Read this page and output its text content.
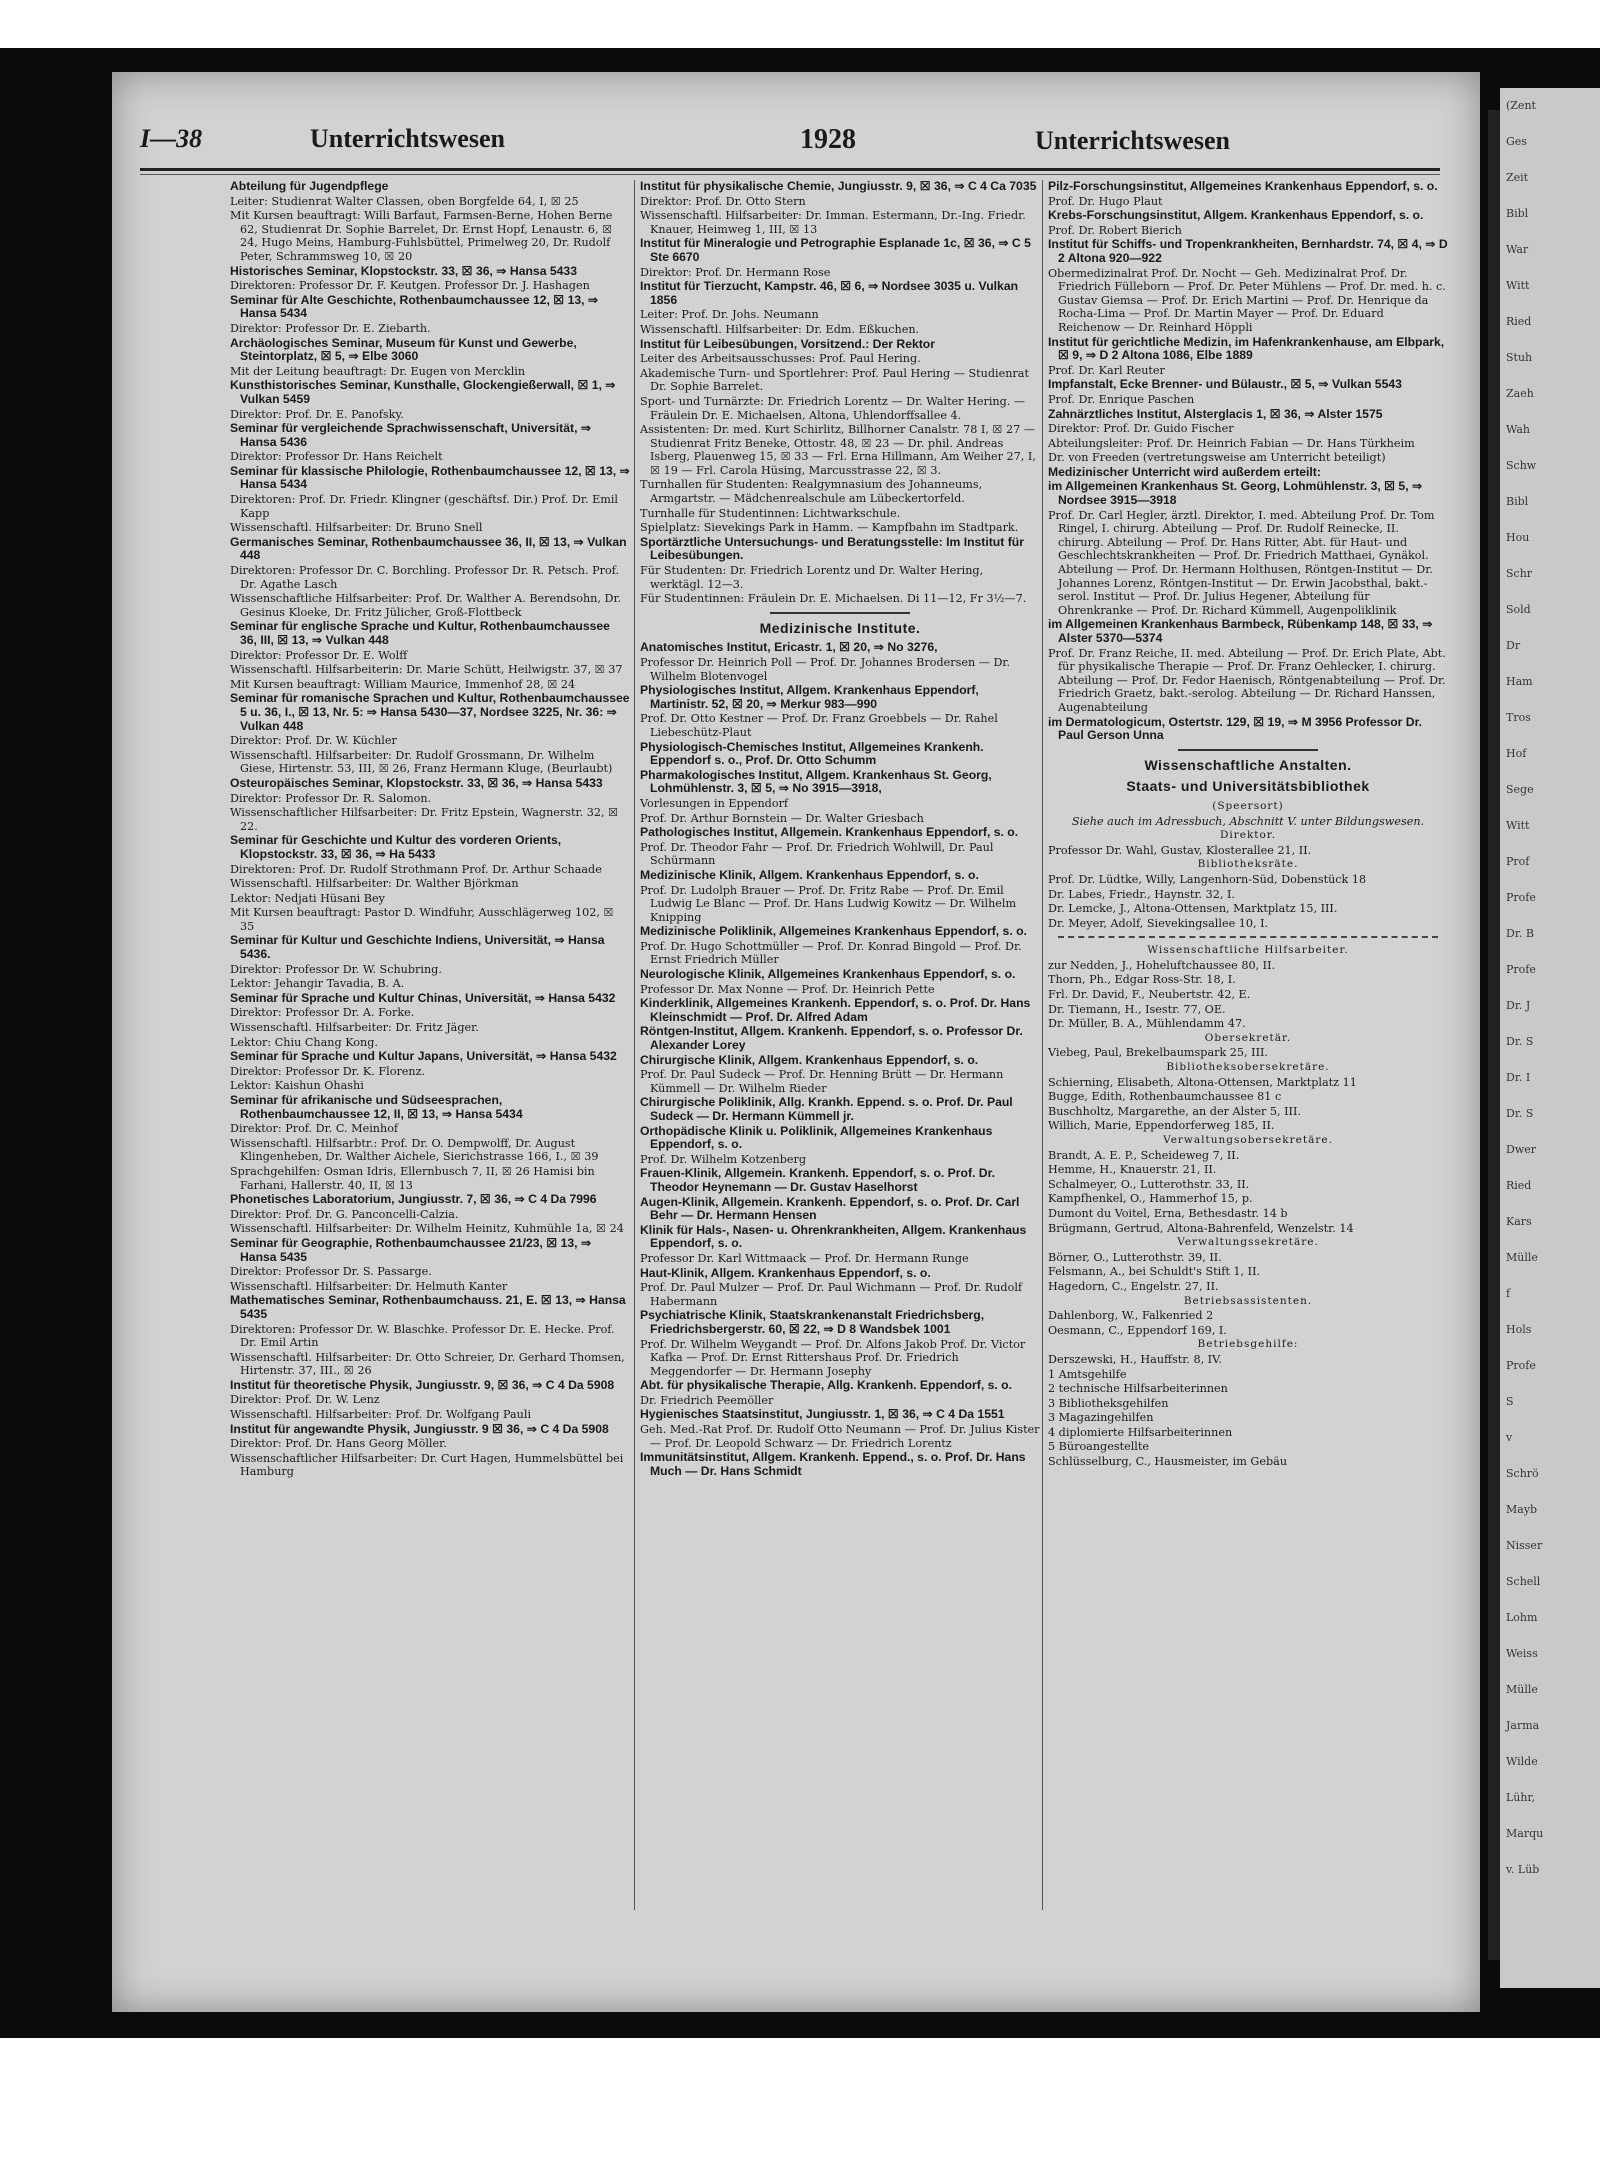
(Zent
Ges
Zeit
Bibl
War
Witt
Ried
Stuh
Zaeh
Wah
Schw
Bibl
Hou
Schr
Sold
Dr
Ham
Tros
Hof
Sege
Witt
Prof
Profe
Dr. B
Profe
Dr. J
Dr. S
Dr. I
Dr. S
Dwer
Ried
Kars
Mülle
f
Hols
Profe
S
v
Schrö
Mayb
Nisser
Schell
Lohm
Weiss
Mülle
Jarma
Wilde
Lühr,
Marqu
v. Lüb
I—38	Unterrichtswesen	1928	Unterrichtswesen

Abteilung für Jugendpflege

Leiter: Studienrat Walter Classen, oben Borgfelde 64, I, ☒ 25

Mit Kursen beauftragt: Willi Barfaut, Farmsen-Berne, Hohen Berne 62, Studienrat Dr. Sophie Barrelet, Dr. Ernst Hopf, Lenaustr. 6, ☒ 24, Hugo Meins, Hamburg-Fuhlsbüttel, Primelweg 20, Dr. Rudolf Peter, Schrammsweg 10, ☒ 20

Historisches Seminar, Klopstockstr. 33, ☒ 36, ⇒ Hansa 5433

Direktoren: Professor Dr. F. Keutgen. Professor Dr. J. Hashagen

Seminar für Alte Geschichte, Rothenbaumchaussee 12, ☒ 13, ⇒ Hansa 5434

Direktor: Professor Dr. E. Ziebarth.

Archäologisches Seminar, Museum für Kunst und Gewerbe, Steintorplatz, ☒ 5, ⇒ Elbe 3060

Mit der Leitung beauftragt: Dr. Eugen von Mercklin

Kunsthistorisches Seminar, Kunsthalle, Glockengießerwall, ☒ 1, ⇒ Vulkan 5459

Direktor: Prof. Dr. E. Panofsky.

Seminar für vergleichende Sprachwissenschaft, Universität, ⇒ Hansa 5436

Direktor: Professor Dr. Hans Reichelt

Seminar für klassische Philologie, Rothenbaumchaussee 12, ☒ 13, ⇒ Hansa 5434

Direktoren: Prof. Dr. Friedr. Klingner (geschäftsf. Dir.) Prof. Dr. Emil Kapp

Wissenschaftl. Hilfsarbeiter: Dr. Bruno Snell

Germanisches Seminar, Rothenbaumchaussee 36, II, ☒ 13, ⇒ Vulkan 448

Direktoren: Professor Dr. C. Borchling. Professor Dr. R. Petsch. Prof. Dr. Agathe Lasch

Wissenschaftliche Hilfsarbeiter: Prof. Dr. Walther A. Berendsohn, Dr. Gesinus Kloeke, Dr. Fritz Jülicher, Groß-Flottbeck

Seminar für englische Sprache und Kultur, Rothenbaumchaussee 36, III, ☒ 13, ⇒ Vulkan 448

Direktor: Professor Dr. E. Wolff

Wissenschaftl. Hilfsarbeiterin: Dr. Marie Schütt, Heilwigstr. 37, ☒ 37

Mit Kursen beauftragt: William Maurice, Immenhof 28, ☒ 24

Seminar für romanische Sprachen und Kultur, Rothenbaumchaussee 5 u. 36, I., ☒ 13, Nr. 5: ⇒ Hansa 5430—37, Nordsee 3225, Nr. 36: ⇒ Vulkan 448

Direktor: Prof. Dr. W. Küchler

Wissenschaftl. Hilfsarbeiter: Dr. Rudolf Grossmann, Dr. Wilhelm Giese, Hirtenstr. 53, III, ☒ 26, Franz Hermann Kluge, (Beurlaubt)

Osteuropäisches Seminar, Klopstockstr. 33, ☒ 36, ⇒ Hansa 5433

Direktor: Professor Dr. R. Salomon.

Wissenschaftlicher Hilfsarbeiter: Dr. Fritz Epstein, Wagnerstr. 32, ☒ 22.

Seminar für Geschichte und Kultur des vorderen Orients, Klopstockstr. 33, ☒ 36, ⇒ Ha 5433

Direktoren: Prof. Dr. Rudolf Strothmann Prof. Dr. Arthur Schaade

Wissenschaftl. Hilfsarbeiter: Dr. Walther Björkman

Lektor: Nedjati Hüsani Bey

Mit Kursen beauftragt: Pastor D. Windfuhr, Ausschlägerweg 102, ☒ 35

Seminar für Kultur und Geschichte Indiens, Universität, ⇒ Hansa 5436.

Direktor: Professor Dr. W. Schubring.

Lektor: Jehangir Tavadia, B. A.

Seminar für Sprache und Kultur Chinas, Universität, ⇒ Hansa 5432

Direktor: Professor Dr. A. Forke.

Wissenschaftl. Hilfsarbeiter: Dr. Fritz Jäger.

Lektor: Chiu Chang Kong.

Seminar für Sprache und Kultur Japans, Universität, ⇒ Hansa 5432

Direktor: Professor Dr. K. Florenz.

Lektor: Kaishun Ohashi

Seminar für afrikanische und Südseesprachen, Rothenbaumchaussee 12, II, ☒ 13, ⇒ Hansa 5434

Direktor: Prof. Dr. C. Meinhof

Wissenschaftl. Hilfsarbtr.: Prof. Dr. O. Dempwolff, Dr. August Klingenheben, Dr. Walther Aichele, Sierichstrasse 166, I., ☒ 39

Sprachgehilfen: Osman Idris, Ellernbusch 7, II, ☒ 26 Hamisi bin Farhani, Hallerstr. 40, II, ☒ 13

Phonetisches Laboratorium, Jungiusstr. 7, ☒ 36, ⇒ C 4 Da 7996

Direktor: Prof. Dr. G. Panconcelli-Calzia.

Wissenschaftl. Hilfsarbeiter: Dr. Wilhelm Heinitz, Kuhmühle 1a, ☒ 24

Seminar für Geographie, Rothenbaumchaussee 21/23, ☒ 13, ⇒ Hansa 5435

Direktor: Professor Dr. S. Passarge.

Wissenschaftl. Hilfsarbeiter: Dr. Helmuth Kanter

Mathematisches Seminar, Rothenbaumchauss. 21, E. ☒ 13, ⇒ Hansa 5435

Direktoren: Professor Dr. W. Blaschke. Professor Dr. E. Hecke. Prof. Dr. Emil Artin

Wissenschaftl. Hilfsarbeiter: Dr. Otto Schreier, Dr. Gerhard Thomsen, Hirtenstr. 37, III., ☒ 26

Institut für theoretische Physik, Jungiusstr. 9, ☒ 36, ⇒ C 4 Da 5908

Direktor: Prof. Dr. W. Lenz

Wissenschaftl. Hilfsarbeiter: Prof. Dr. Wolfgang Pauli

Institut für angewandte Physik, Jungiusstr. 9 ☒ 36, ⇒ C 4 Da 5908

Direktor: Prof. Dr. Hans Georg Möller.

Wissenschaftlicher Hilfsarbeiter: Dr. Curt Hagen, Hummelsbüttel bei Hamburg

Institut für physikalische Chemie, Jungiusstr. 9, ☒ 36, ⇒ C 4 Ca 7035

Direktor: Prof. Dr. Otto Stern

Wissenschaftl. Hilfsarbeiter: Dr. Imman. Estermann, Dr.-Ing. Friedr. Knauer, Heimweg 1, III, ☒ 13

Institut für Mineralogie und Petrographie Esplanade 1c, ☒ 36, ⇒ C 5 Ste 6670

Direktor: Prof. Dr. Hermann Rose

Institut für Tierzucht, Kampstr. 46, ☒ 6, ⇒ Nordsee 3035 u. Vulkan 1856

Leiter: Prof. Dr. Johs. Neumann

Wissenschaftl. Hilfsarbeiter: Dr. Edm. Eßkuchen.

Institut für Leibesübungen, Vorsitzend.: Der Rektor

Leiter des Arbeitsausschusses: Prof. Paul Hering.

Akademische Turn- und Sportlehrer: Prof. Paul Hering — Studienrat Dr. Sophie Barrelet.

Sport- und Turnärzte: Dr. Friedrich Lorentz — Dr. Walter Hering. — Fräulein Dr. E. Michaelsen, Altona, Uhlendorffsallee 4.

Assistenten: Dr. med. Kurt Schirlitz, Billhorner Canalstr. 78 I, ☒ 27 — Studienrat Fritz Beneke, Ottostr. 48, ☒ 23 — Dr. phil. Andreas Isberg, Plauenweg 15, ☒ 33 — Frl. Erna Hillmann, Am Weiher 27, I, ☒ 19 — Frl. Carola Hüsing, Marcusstrasse 22, ☒ 3.

Turnhallen für Studenten: Realgymnasium des Johanneums, Armgartstr. — Mädchenrealschule am Lübeckertorfeld.

Turnhalle für Studentinnen: Lichtwarkschule.

Spielplatz: Sievekings Park in Hamm. — Kampfbahn im Stadtpark.

Sportärztliche Untersuchungs- und Beratungsstelle: Im Institut für Leibesübungen.

Für Studenten: Dr. Friedrich Lorentz und Dr. Walter Hering, werktägl. 12—3.

Für Studentinnen: Fräulein Dr. E. Michaelsen. Di 11—12, Fr 3½—7.

Medizinische Institute.

Anatomisches Institut, Ericastr. 1, ☒ 20, ⇒ No 3276,

Professor Dr. Heinrich Poll — Prof. Dr. Johannes Brodersen — Dr. Wilhelm Blotenvogel

Physiologisches Institut, Allgem. Krankenhaus Eppendorf, Martinistr. 52, ☒ 20, ⇒ Merkur 983—990

Prof. Dr. Otto Kestner — Prof. Dr. Franz Groebbels — Dr. Rahel Liebeschütz-Plaut

Physiologisch-Chemisches Institut, Allgemeines Krankenh. Eppendorf s. o., Prof. Dr. Otto Schumm

Pharmakologisches Institut, Allgem. Krankenhaus St. Georg, Lohmühlenstr. 3, ☒ 5, ⇒ No 3915—3918,

Vorlesungen in Eppendorf

Prof. Dr. Arthur Bornstein — Dr. Walter Griesbach

Pathologisches Institut, Allgemein. Krankenhaus Eppendorf, s. o.

Prof. Dr. Theodor Fahr — Prof. Dr. Friedrich Wohlwill, Dr. Paul Schürmann

Medizinische Klinik, Allgem. Krankenhaus Eppendorf, s. o.

Prof. Dr. Ludolph Brauer — Prof. Dr. Fritz Rabe — Prof. Dr. Emil Ludwig Le Blanc — Prof. Dr. Hans Ludwig Kowitz — Dr. Wilhelm Knipping

Medizinische Poliklinik, Allgemeines Krankenhaus Eppendorf, s. o.

Prof. Dr. Hugo Schottmüller — Prof. Dr. Konrad Bingold — Prof. Dr. Ernst Friedrich Müller

Neurologische Klinik, Allgemeines Krankenhaus Eppendorf, s. o.

Professor Dr. Max Nonne — Prof. Dr. Heinrich Pette

Kinderklinik, Allgemeines Krankenh. Eppendorf, s. o. Prof. Dr. Hans Kleinschmidt — Prof. Dr. Alfred Adam

Röntgen-Institut, Allgem. Krankenh. Eppendorf, s. o. Professor Dr. Alexander Lorey

Chirurgische Klinik, Allgem. Krankenhaus Eppendorf, s. o.

Prof. Dr. Paul Sudeck — Prof. Dr. Henning Brütt — Dr. Hermann Kümmell — Dr. Wilhelm Rieder

Chirurgische Poliklinik, Allg. Krankh. Eppend. s. o. Prof. Dr. Paul Sudeck — Dr. Hermann Kümmell jr.

Orthopädische Klinik u. Poliklinik, Allgemeines Krankenhaus Eppendorf, s. o.

Prof. Dr. Wilhelm Kotzenberg

Frauen-Klinik, Allgemein. Krankenh. Eppendorf, s. o. Prof. Dr. Theodor Heynemann — Dr. Gustav Haselhorst

Augen-Klinik, Allgemein. Krankenh. Eppendorf, s. o. Prof. Dr. Carl Behr — Dr. Hermann Hensen

Klinik für Hals-, Nasen- u. Ohrenkrankheiten, Allgem. Krankenhaus Eppendorf, s. o.

Professor Dr. Karl Wittmaack — Prof. Dr. Hermann Runge

Haut-Klinik, Allgem. Krankenhaus Eppendorf, s. o.

Prof. Dr. Paul Mulzer — Prof. Dr. Paul Wichmann — Prof. Dr. Rudolf Habermann

Psychiatrische Klinik, Staatskrankenanstalt Friedrichsberg, Friedrichsbergerstr. 60, ☒ 22, ⇒ D 8 Wandsbek 1001

Prof. Dr. Wilhelm Weygandt — Prof. Dr. Alfons Jakob Prof. Dr. Victor Kafka — Prof. Dr. Ernst Rittershaus Prof. Dr. Friedrich Meggendorfer — Dr. Hermann Josephy

Abt. für physikalische Therapie, Allg. Krankenh. Eppendorf, s. o.

Dr. Friedrich Peemöller

Hygienisches Staatsinstitut, Jungiusstr. 1, ☒ 36, ⇒ C 4 Da 1551

Geh. Med.-Rat Prof. Dr. Rudolf Otto Neumann — Prof. Dr. Julius Kister — Prof. Dr. Leopold Schwarz — Dr. Friedrich Lorentz

Immunitätsinstitut, Allgem. Krankenh. Eppend., s. o. Prof. Dr. Hans Much — Dr. Hans Schmidt

Pilz-Forschungsinstitut, Allgemeines Krankenhaus Eppendorf, s. o.

Prof. Dr. Hugo Plaut

Krebs-Forschungsinstitut, Allgem. Krankenhaus Eppendorf, s. o.

Prof. Dr. Robert Bierich

Institut für Schiffs- und Tropenkrankheiten, Bernhardstr. 74, ☒ 4, ⇒ D 2 Altona 920—922

Obermedizinalrat Prof. Dr. Nocht — Geh. Medizinalrat Prof. Dr. Friedrich Fülleborn — Prof. Dr. Peter Mühlens — Prof. Dr. med. h. c. Gustav Giemsa — Prof. Dr. Erich Martini — Prof. Dr. Henrique da Rocha-Lima — Prof. Dr. Martin Mayer — Prof. Dr. Eduard Reichenow — Dr. Reinhard Höppli

Institut für gerichtliche Medizin, im Hafenkrankenhause, am Elbpark, ☒ 9, ⇒ D 2 Altona 1086, Elbe 1889

Prof. Dr. Karl Reuter

Impfanstalt, Ecke Brenner- und Bülaustr., ☒ 5, ⇒ Vulkan 5543

Prof. Dr. Enrique Paschen

Zahnärztliches Institut, Alsterglacis 1, ☒ 36, ⇒ Alster 1575

Direktor: Prof. Dr. Guido Fischer

Abteilungsleiter: Prof. Dr. Heinrich Fabian — Dr. Hans Türkheim

Dr. von Freeden (vertretungsweise am Unterricht beteiligt)

Medizinischer Unterricht wird außerdem erteilt:

im Allgemeinen Krankenhaus St. Georg, Lohmühlenstr. 3, ☒ 5, ⇒ Nordsee 3915—3918

Prof. Dr. Carl Hegler, ärztl. Direktor, I. med. Abteilung Prof. Dr. Tom Ringel, I. chirurg. Abteilung — Prof. Dr. Rudolf Reinecke, II. chirurg. Abteilung — Prof. Dr. Hans Ritter, Abt. für Haut- und Geschlechtskrankheiten — Prof. Dr. Friedrich Matthaei, Gynäkol. Abteilung — Prof. Dr. Hermann Holthusen, Röntgen-Institut — Dr. Johannes Lorenz, Röntgen-Institut — Dr. Erwin Jacobsthal, bakt.-serol. Institut — Prof. Dr. Julius Hegener, Abteilung für Ohrenkranke — Prof. Dr. Richard Kümmell, Augenpoliklinik

im Allgemeinen Krankenhaus Barmbeck, Rübenkamp 148, ☒ 33, ⇒ Alster 5370—5374

Prof. Dr. Franz Reiche, II. med. Abteilung — Prof. Dr. Erich Plate, Abt. für physikalische Therapie — Prof. Dr. Franz Oehlecker, I. chirurg. Abteilung — Prof. Dr. Fedor Haenisch, Röntgenabteilung — Prof. Dr. Friedrich Graetz, bakt.-serolog. Abteilung — Dr. Richard Hanssen, Augenabteilung

im Dermatologicum, Ostertstr. 129, ☒ 19, ⇒ M 3956 Professor Dr. Paul Gerson Unna

Wissenschaftliche Anstalten.

Staats- und Universitätsbibliothek

(Speersort)

Siehe auch im Adressbuch, Abschnitt V. unter Bildungswesen.

Direktor.

Professor Dr. Wahl, Gustav, Klosterallee 21, II.

Bibliotheksräte.

Prof. Dr. Lüdtke, Willy, Langenhorn-Süd, Dobenstück 18

Dr. Labes, Friedr., Haynstr. 32, I.

Dr. Lemcke, J., Altona-Ottensen, Marktplatz 15, III.

Dr. Meyer, Adolf, Sievekingsallee 10, I.

Wissenschaftliche Hilfsarbeiter.

zur Nedden, J., Hoheluftchaussee 80, II.

Thorn, Ph., Edgar Ross-Str. 18, I.

Frl. Dr. David, F., Neubertstr. 42, E.

Dr. Tiemann, H., Isestr. 77, OE.

Dr. Müller, B. A., Mühlendamm 47.

Obersekretär.

Viebeg, Paul, Brekelbaumspark 25, III.

Bibliotheksobersekretäre.

Schierning, Elisabeth, Altona-Ottensen, Marktplatz 11

Bugge, Edith, Rothenbaumchaussee 81 c

Buschholtz, Margarethe, an der Alster 5, III.

Willich, Marie, Eppendorferweg 185, II.

Verwaltungsobersekretäre.

Brandt, A. E. P., Scheideweg 7, II.

Hemme, H., Knauerstr. 21, II.

Schalmeyer, O., Lutterothstr. 33, II.

Kampfhenkel, O., Hammerhof 15, p.

Dumont du Voitel, Erna, Bethesdastr. 14 b

Brügmann, Gertrud, Altona-Bahrenfeld, Wenzelstr. 14

Verwaltungssekretäre.

Börner, O., Lutterothstr. 39, II.

Felsmann, A., bei Schuldt's Stift 1, II.

Hagedorn, C., Engelstr. 27, II.

Betriebsassistenten.

Dahlenborg, W., Falkenried 2

Oesmann, C., Eppendorf 169, I.

Betriebsgehilfe:

Derszewski, H., Hauffstr. 8, IV.

1 Amtsgehilfe

2 technische Hilfsarbeiterinnen

3 Bibliotheksgehilfen

3 Magazingehilfen

4 diplomierte Hilfsarbeiterinnen

5 Büroangestellte

Schlüsselburg, C., Hausmeister, im Gebäu
